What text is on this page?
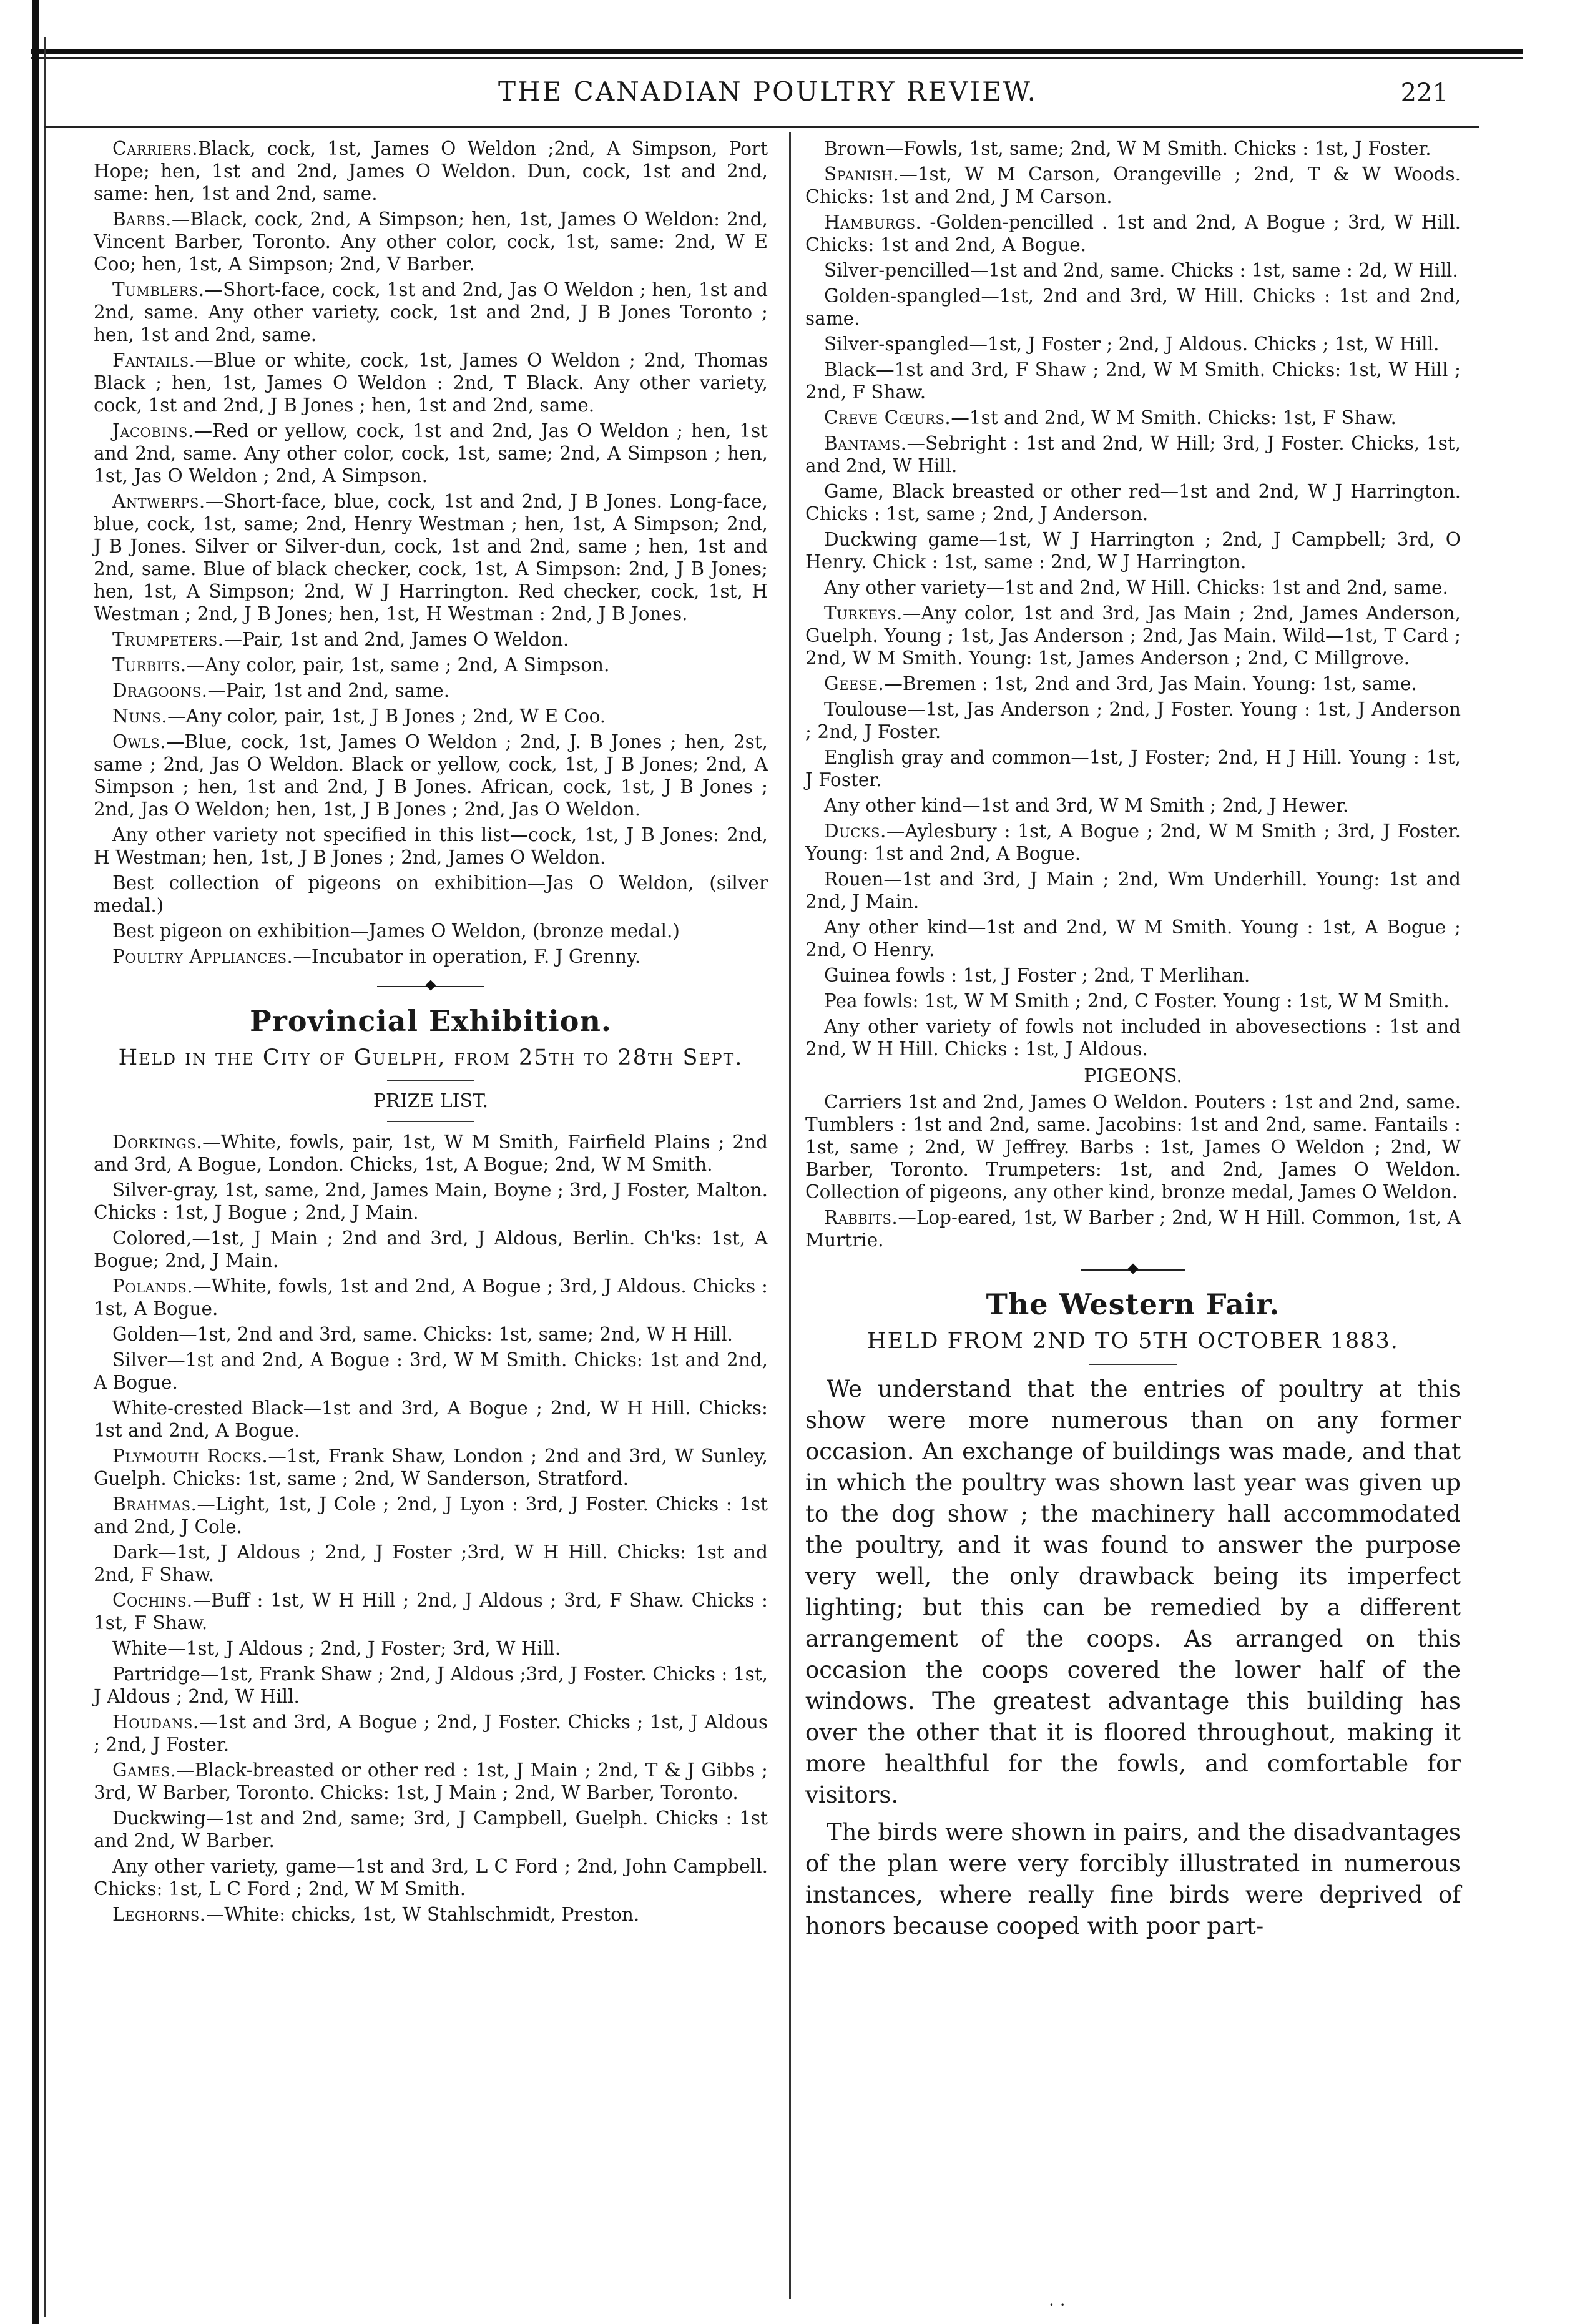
THE CANADIAN POULTRY REVIEW.	221
Carriers.Black, cock, 1st, James O Weldon ;2nd, A Simpson, Port Hope; hen, 1st and 2nd, James O Weldon. Dun, cock, 1st and 2nd, same: hen, 1st and 2nd, same.
Barbs.—Black, cock, 2nd, A Simpson; hen, 1st, James O Weldon: 2nd, Vincent Barber, Toronto. Any other color, cock, 1st, same: 2nd, W E Coo; hen, 1st, A Simpson; 2nd, V Barber.
Tumblers.—Short-face, cock, 1st and 2nd, Jas O Weldon ; hen, 1st and 2nd, same. Any other variety, cock, 1st and 2nd, J B Jones Toronto ; hen, 1st and 2nd, same.
Fantails.—Blue or white, cock, 1st, James O Weldon ; 2nd, Thomas Black ; hen, 1st, James O Weldon : 2nd, T Black. Any other variety, cock, 1st and 2nd, J B Jones ; hen, 1st and 2nd, same.
Jacobins.—Red or yellow, cock, 1st and 2nd, Jas O Weldon ; hen, 1st and 2nd, same. Any other color, cock, 1st, same; 2nd, A Simpson ; hen, 1st, Jas O Weldon ; 2nd, A Simpson.
Antwerps.—Short-face, blue, cock, 1st and 2nd, J B Jones. Long-face, blue, cock, 1st, same; 2nd, Henry Westman ; hen, 1st, A Simpson; 2nd, J B Jones. Silver or Silver-dun, cock, 1st and 2nd, same ; hen, 1st and 2nd, same. Blue of black checker, cock, 1st, A Simpson: 2nd, J B Jones; hen, 1st, A Simpson; 2nd, W J Harrington. Red checker, cock, 1st, H Westman ; 2nd, J B Jones; hen, 1st, H Westman : 2nd, J B Jones.
Trumpeters.—Pair, 1st and 2nd, James O Weldon.
Turbits.—Any color, pair, 1st, same ; 2nd, A Simpson.
Dragoons.—Pair, 1st and 2nd, same.
Nuns.—Any color, pair, 1st, J B Jones ; 2nd, W E Coo.
Owls.—Blue, cock, 1st, James O Weldon ; 2nd, J. B Jones ; hen, 2st, same ; 2nd, Jas O Weldon. Black or yellow, cock, 1st, J B Jones; 2nd, A Simpson ; hen, 1st and 2nd, J B Jones. African, cock, 1st, J B Jones ; 2nd, Jas O Weldon; hen, 1st, J B Jones ; 2nd, Jas O Weldon.
Any other variety not specified in this list—cock, 1st, J B Jones: 2nd, H Westman; hen, 1st, J B Jones ; 2nd, James O Weldon.
Best collection of pigeons on exhibition—Jas O Weldon, (silver medal.)
Best pigeon on exhibition—James O Weldon, (bronze medal.)
Poultry Appliances.—Incubator in operation, F. J Grenny.
Provincial Exhibition.
Held in the City of Guelph, from 25th to 28th Sept.
PRIZE LIST.
Dorkings.—White, fowls, pair, 1st, W M Smith, Fairfield Plains ; 2nd and 3rd, A Bogue, London. Chicks, 1st, A Bogue; 2nd, W M Smith.
Silver-gray, 1st, same, 2nd, James Main, Boyne ; 3rd, J Foster, Malton. Chicks : 1st, J Bogue ; 2nd, J Main.
Colored,—1st, J Main ; 2nd and 3rd, J Aldous, Berlin. Ch'ks: 1st, A Bogue; 2nd, J Main.
Polands.—White, fowls, 1st and 2nd, A Bogue ; 3rd, J Aldous. Chicks : 1st, A Bogue.
Golden—1st, 2nd and 3rd, same. Chicks: 1st, same; 2nd, W H Hill.
Silver—1st and 2nd, A Bogue : 3rd, W M Smith. Chicks: 1st and 2nd, A Bogue.
White-crested Black—1st and 3rd, A Bogue ; 2nd, W H Hill. Chicks: 1st and 2nd, A Bogue.
Plymouth Rocks.—1st, Frank Shaw, London ; 2nd and 3rd, W Sunley, Guelph. Chicks: 1st, same ; 2nd, W Sanderson, Stratford.
Brahmas.—Light, 1st, J Cole ; 2nd, J Lyon : 3rd, J Foster. Chicks : 1st and 2nd, J Cole.
Dark—1st, J Aldous ; 2nd, J Foster ;3rd, W H Hill. Chicks: 1st and 2nd, F Shaw.
Cochins.—Buff : 1st, W H Hill ; 2nd, J Aldous ; 3rd, F Shaw. Chicks : 1st, F Shaw.
White—1st, J Aldous ; 2nd, J Foster; 3rd, W Hill.
Partridge—1st, Frank Shaw ; 2nd, J Aldous ;3rd, J Foster. Chicks : 1st, J Aldous ; 2nd, W Hill.
Houdans.—1st and 3rd, A Bogue ; 2nd, J Foster. Chicks ; 1st, J Aldous ; 2nd, J Foster.
Games.—Black-breasted or other red : 1st, J Main ; 2nd, T & J Gibbs ; 3rd, W Barber, Toronto. Chicks: 1st, J Main ; 2nd, W Barber, Toronto.
Duckwing—1st and 2nd, same; 3rd, J Campbell, Guelph. Chicks : 1st and 2nd, W Barber.
Any other variety, game—1st and 3rd, L C Ford ; 2nd, John Campbell. Chicks: 1st, L C Ford ; 2nd, W M Smith.
Leghorns.—White: chicks, 1st, W Stahlschmidt, Preston.
Brown—Fowls, 1st, same; 2nd, W M Smith. Chicks : 1st, J Foster.
Spanish.—1st, W M Carson, Orangeville ; 2nd, T & W Woods. Chicks: 1st and 2nd, J M Carson.
Hamburgs. -Golden-pencilled . 1st and 2nd, A Bogue ; 3rd, W Hill. Chicks: 1st and 2nd, A Bogue.
Silver-pencilled—1st and 2nd, same. Chicks : 1st, same : 2d, W Hill.
Golden-spangled—1st, 2nd and 3rd, W Hill. Chicks : 1st and 2nd, same.
Silver-spangled—1st, J Foster ; 2nd, J Aldous. Chicks ; 1st, W Hill.
Black—1st and 3rd, F Shaw ; 2nd, W M Smith. Chicks: 1st, W Hill ; 2nd, F Shaw.
Creve Cœurs.—1st and 2nd, W M Smith. Chicks: 1st, F Shaw.
Bantams.—Sebright : 1st and 2nd, W Hill; 3rd, J Foster. Chicks, 1st, and 2nd, W Hill.
Game, Black breasted or other red—1st and 2nd, W J Harrington. Chicks : 1st, same ; 2nd, J Anderson.
Duckwing game—1st, W J Harrington ; 2nd, J Campbell; 3rd, O Henry. Chick : 1st, same : 2nd, W J Harrington.
Any other variety—1st and 2nd, W Hill. Chicks: 1st and 2nd, same.
Turkeys.—Any color, 1st and 3rd, Jas Main ; 2nd, James Anderson, Guelph. Young ; 1st, Jas Anderson ; 2nd, Jas Main. Wild—1st, T Card ; 2nd, W M Smith. Young: 1st, James Anderson ; 2nd, C Millgrove.
Geese.—Bremen : 1st, 2nd and 3rd, Jas Main. Young: 1st, same.
Toulouse—1st, Jas Anderson ; 2nd, J Foster. Young : 1st, J Anderson ; 2nd, J Foster.
English gray and common—1st, J Foster; 2nd, H J Hill. Young : 1st, J Foster.
Any other kind—1st and 3rd, W M Smith ; 2nd, J Hewer.
Ducks.—Aylesbury : 1st, A Bogue ; 2nd, W M Smith ; 3rd, J Foster. Young: 1st and 2nd, A Bogue.
Rouen—1st and 3rd, J Main ; 2nd, Wm Underhill. Young: 1st and 2nd, J Main.
Any other kind—1st and 2nd, W M Smith. Young : 1st, A Bogue ; 2nd, O Henry.
Guinea fowls : 1st, J Foster ; 2nd, T Merlihan.
Pea fowls: 1st, W M Smith ; 2nd, C Foster. Young : 1st, W M Smith.
Any other variety of fowls not included in abovesections : 1st and 2nd, W H Hill. Chicks : 1st, J Aldous.
PIGEONS.
Carriers 1st and 2nd, James O Weldon. Pouters : 1st and 2nd, same. Tumblers : 1st and 2nd, same. Jacobins: 1st and 2nd, same. Fantails : 1st, same ; 2nd, W Jeffrey. Barbs : 1st, James O Weldon ; 2nd, W Barber, Toronto. Trumpeters: 1st, and 2nd, James O Weldon. Collection of pigeons, any other kind, bronze medal, James O Weldon.
Rabbits.—Lop-eared, 1st, W Barber ; 2nd, W H Hill. Common, 1st, A Murtrie.
The Western Fair.
HELD FROM 2ND TO 5TH OCTOBER 1883.
We understand that the entries of poultry at this show were more numerous than on any former occasion. An exchange of buildings was made, and that in which the poultry was shown last year was given up to the dog show ; the machinery hall accommodated the poultry, and it was found to answer the purpose very well, the only drawback being its imperfect lighting; but this can be remedied by a different arrangement of the coops. As arranged on this occasion the coops covered the lower half of the windows. The greatest advantage this building has over the other that it is floored throughout, making it more healthful for the fowls, and comfortable for visitors.
The birds were shown in pairs, and the disadvantages of the plan were very forcibly illustrated in numerous instances, where really fine birds were deprived of honors because cooped with poor part-
· ·
